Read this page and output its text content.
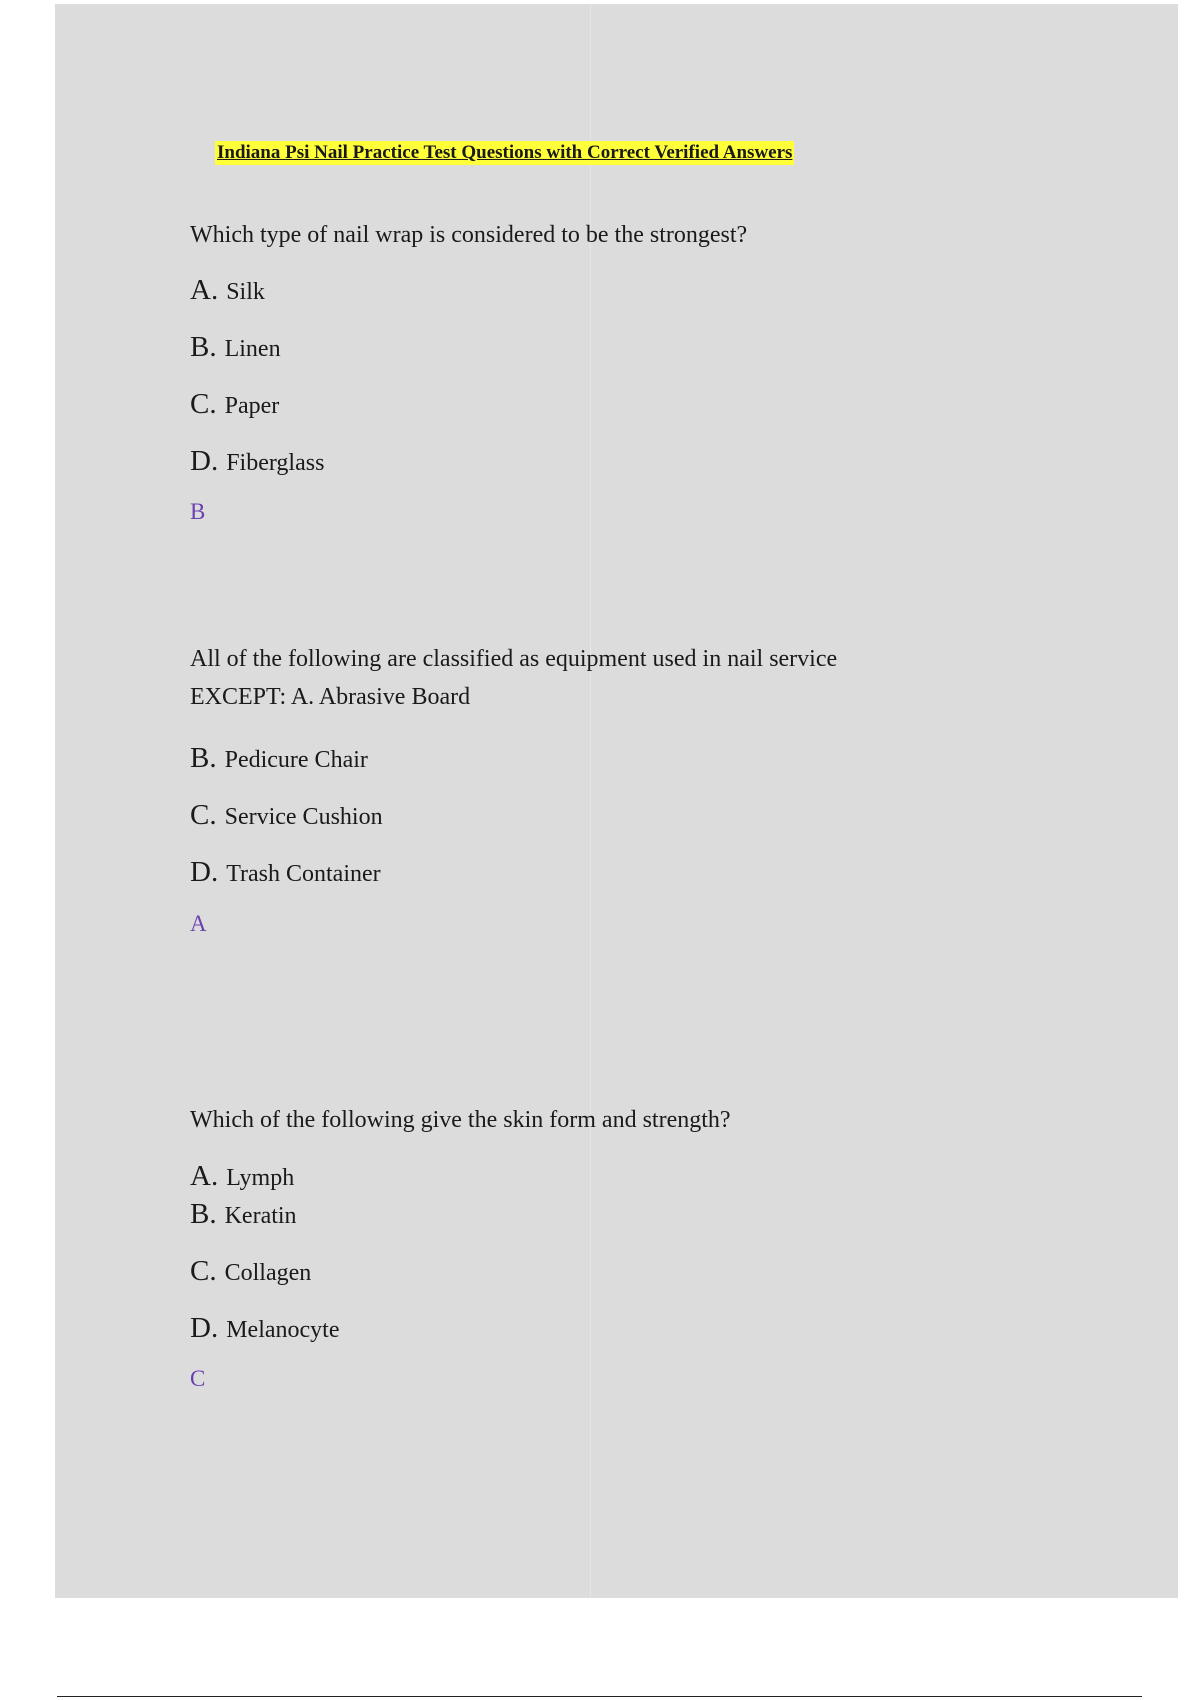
Indiana Psi Nail Practice Test Questions with Correct Verified Answers
Which type of nail wrap is considered to be the strongest?
A. Silk
B. Linen
C. Paper
D. Fiberglass
B
All of the following are classified as equipment used in nail service
EXCEPT: A. Abrasive Board
B. Pedicure Chair
C. Service Cushion
D. Trash Container
A
Which of the following give the skin form and strength?
A. Lymph
B. Keratin
C. Collagen
D. Melanocyte
C
